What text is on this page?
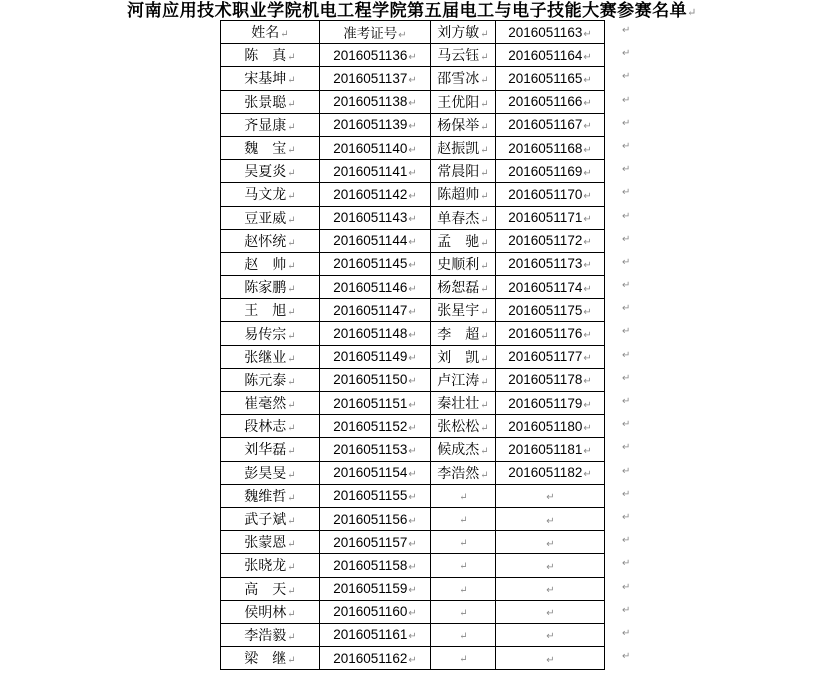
河南应用技术职业学院机电工程学院第五届电工与电子技能大赛参赛名单↵
姓名↵	准考证号↵	刘方敏↵	2016051163↵
陈　真↵	2016051136↵	马云钰↵	2016051164↵
宋基坤↵	2016051137↵	邵雪冰↵	2016051165↵
张景聪↵	2016051138↵	王优阳↵	2016051166↵
齐显康↵	2016051139↵	杨保举↵	2016051167↵
魏　宝↵	2016051140↵	赵振凯↵	2016051168↵
吴夏炎↵	2016051141↵	常晨阳↵	2016051169↵
马文龙↵	2016051142↵	陈超帅↵	2016051170↵
豆亚威↵	2016051143↵	单春杰↵	2016051171↵
赵怀统↵	2016051144↵	孟　驰↵	2016051172↵
赵　帅↵	2016051145↵	史顺利↵	2016051173↵
陈家鹏↵	2016051146↵	杨恕磊↵	2016051174↵
王　旭↵	2016051147↵	张星宇↵	2016051175↵
易传宗↵	2016051148↵	李　超↵	2016051176↵
张继业↵	2016051149↵	刘　凯↵	2016051177↵
陈元泰↵	2016051150↵	卢江涛↵	2016051178↵
崔毫然↵	2016051151↵	秦壮壮↵	2016051179↵
段林志↵	2016051152↵	张松松↵	2016051180↵
刘华磊↵	2016051153↵	候成杰↵	2016051181↵
彭昊旻↵	2016051154↵	李浩然↵	2016051182↵
魏维哲↵	2016051155↵	↵	↵
武子斌↵	2016051156↵	↵	↵
张蒙恩↵	2016051157↵	↵	↵
张晓龙↵	2016051158↵	↵	↵
高　天↵	2016051159↵	↵	↵
侯明林↵	2016051160↵	↵	↵
李浩毅↵	2016051161↵	↵	↵
梁　继↵	2016051162↵	↵	↵
↵
↵
↵
↵
↵
↵
↵
↵
↵
↵
↵
↵
↵
↵
↵
↵
↵
↵
↵
↵
↵
↵
↵
↵
↵
↵
↵
↵
